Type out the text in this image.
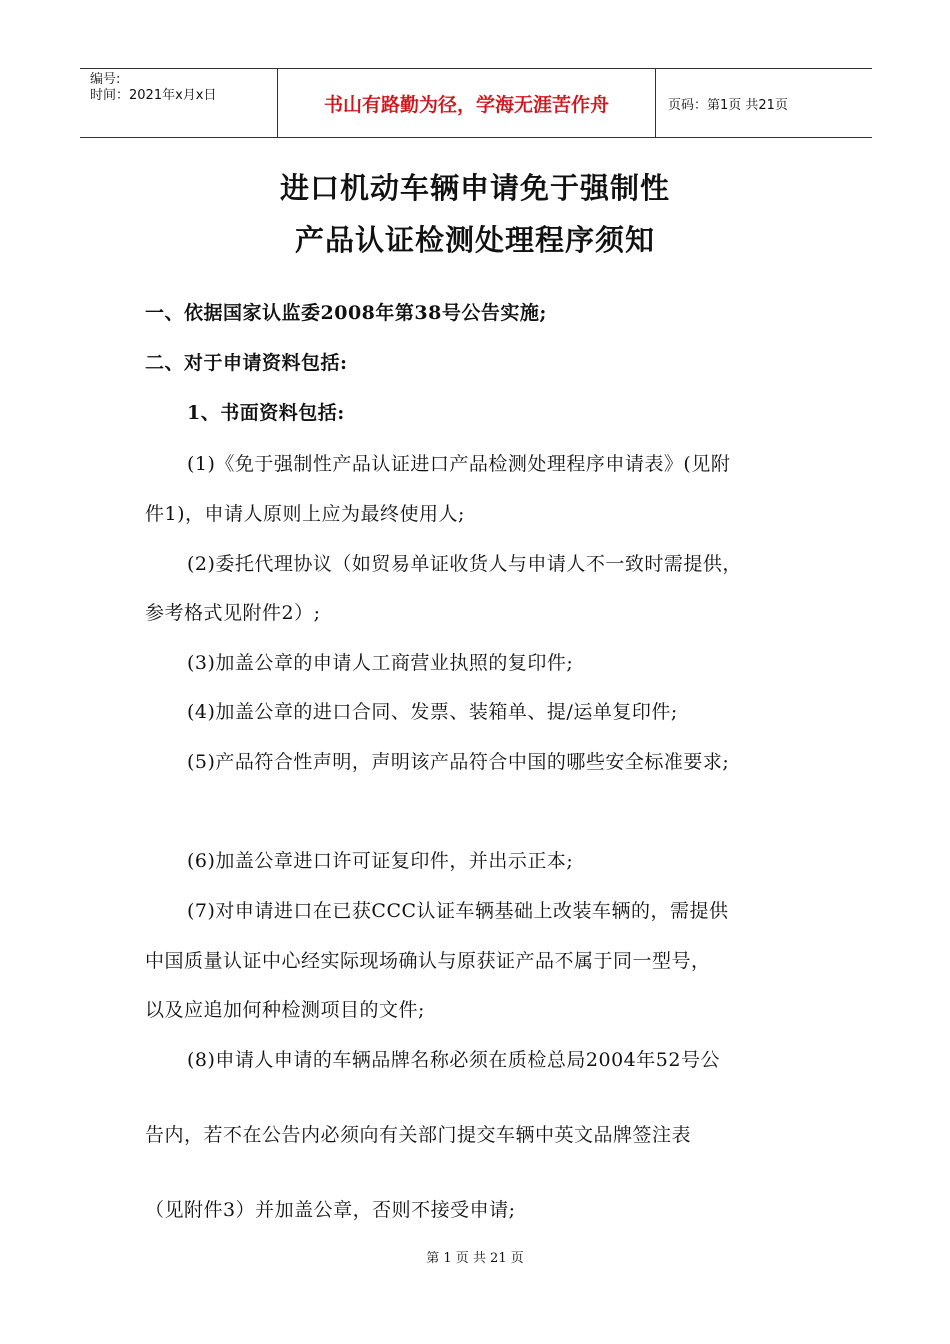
编号:
时间：2021年x月x日	书山有路勤为径，学海无涯苦作舟	页码：第1页 共21页
进口机动车辆申请免于强制性
产品认证检测处理程序须知
一、依据国家认监委2008年第38号公告实施;
二、对于申请资料包括:
1、书面资料包括:
(1)《免于强制性产品认证进口产品检测处理程序申请表》(见附
件1)，申请人原则上应为最终使用人;
(2)委托代理协议（如贸易单证收货人与申请人不一致时需提供，
参考格式见附件2）;
(3)加盖公章的申请人工商营业执照的复印件;
(4)加盖公章的进口合同、发票、装箱单、提/运单复印件;
(5)产品符合性声明，声明该产品符合中国的哪些安全标准要求;
(6)加盖公章进口许可证复印件，并出示正本;
(7)对申请进口在已获CCC认证车辆基础上改装车辆的，需提供
中国质量认证中心经实际现场确认与原获证产品不属于同一型号，
以及应追加何种检测项目的文件;
(8)申请人申请的车辆品牌名称必须在质检总局2004年52号公
告内，若不在公告内必须向有关部门提交车辆中英文品牌签注表
（见附件3）并加盖公章，否则不接受申请;
第 1 页 共 21 页
